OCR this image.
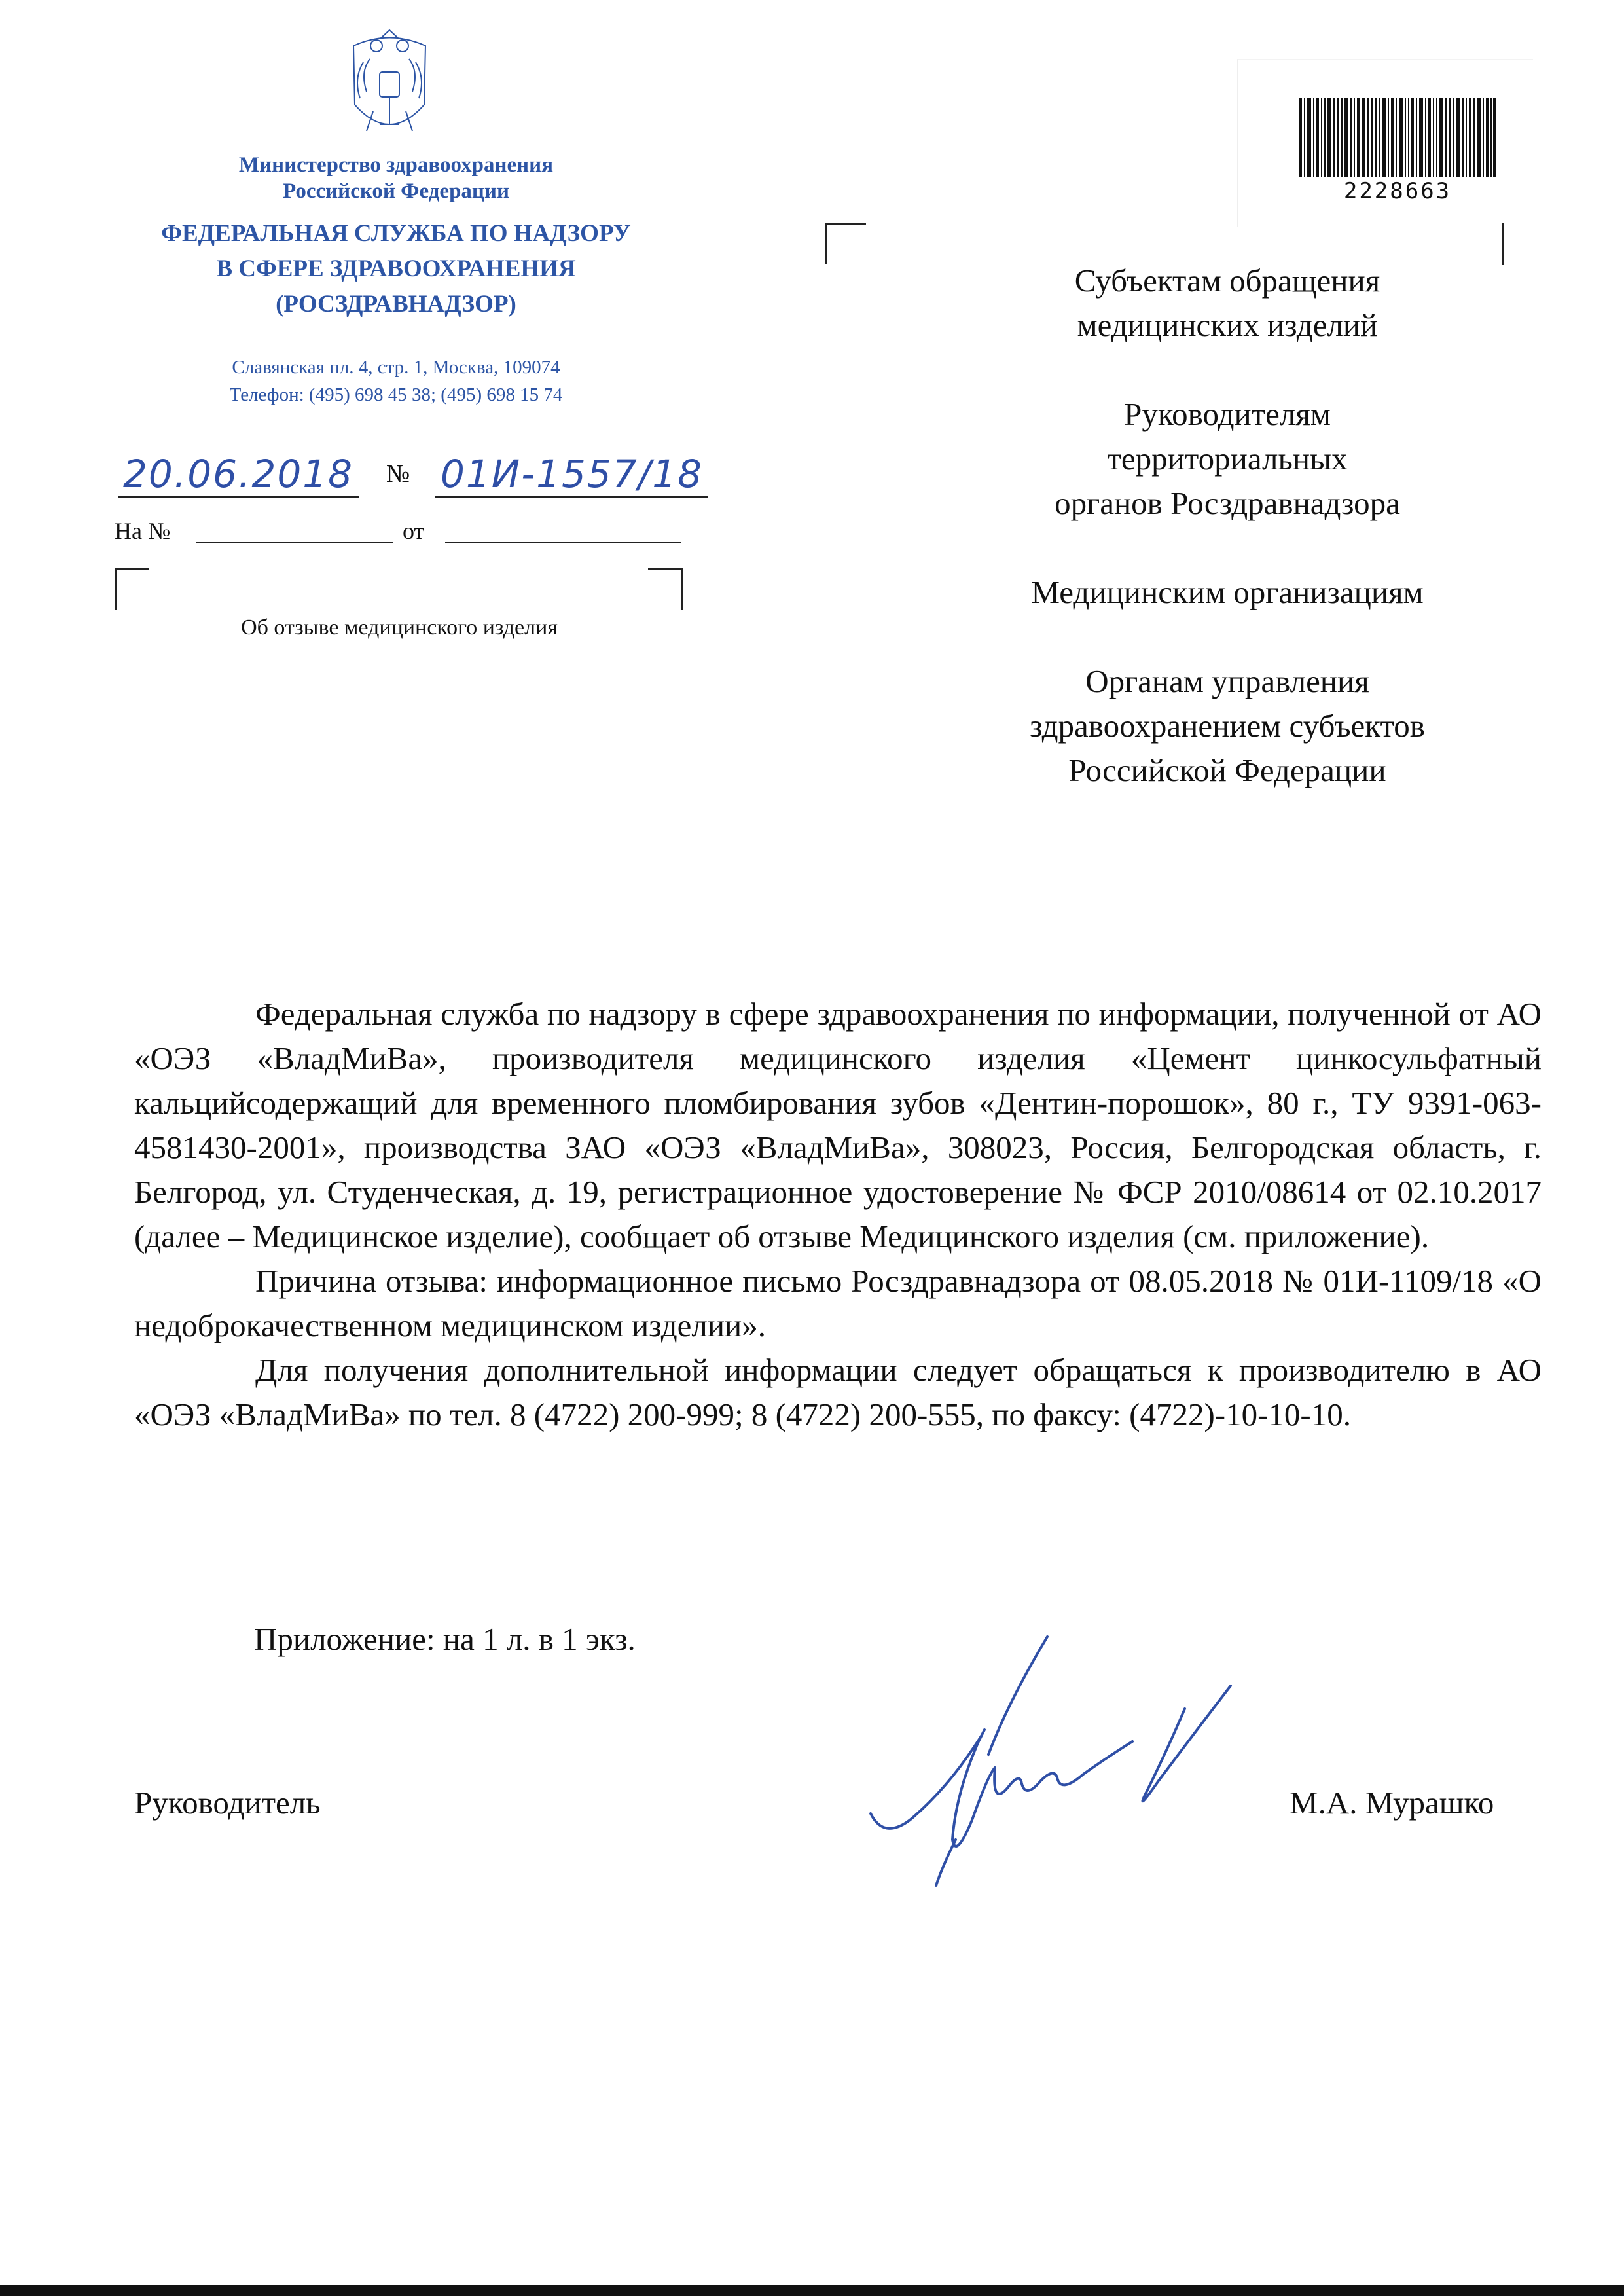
Министерство здравоохранения
Российской Федерации
ФЕДЕРАЛЬНАЯ СЛУЖБА ПО НАДЗОРУ
В СФЕРЕ ЗДРАВООХРАНЕНИЯ
(РОСЗДРАВНАДЗОР)
Славянская пл. 4, стр. 1, Москва, 109074
Телефон: (495) 698 45 38; (495) 698 15 74
20.06.2018 № 01И-1557/18
На №	от
Об отзыве медицинского изделия
2228663
Субъектам обращения
медицинских изделий
Руководителям
территориальных
органов Росздравнадзора
Медицинским организациям
Органам управления
здравоохранением субъектов
Российской Федерации

Федеральная служба по надзору в сфере здравоохранения по информации, полученной от АО «ОЭЗ «ВладМиВа», производителя медицинского изделия «Цемент цинкосульфатный кальцийсодержащий для временного пломбирования зубов «Дентин-порошок», 80 г., ТУ 9391-063-4581430-2001», производства ЗАО «ОЭЗ «ВладМиВа», 308023, Россия, Белгородская область, г. Белгород, ул. Студенческая, д. 19, регистрационное удостоверение № ФСР 2010/08614 от 02.10.2017 (далее – Медицинское изделие), сообщает об отзыве Медицинского изделия (см. приложение).

Причина отзыва: информационное письмо Росздравнадзора от 08.05.2018 № 01И-1109/18 «О недоброкачественном медицинском изделии».

Для получения дополнительной информации следует обращаться к производителю в АО «ОЭЗ «ВладМиВа» по тел. 8 (4722) 200-999; 8 (4722) 200-555, по факсу: (4722)-10-10-10.

Приложение: на 1 л. в 1 экз.
Руководитель	М.А. Мурашко
